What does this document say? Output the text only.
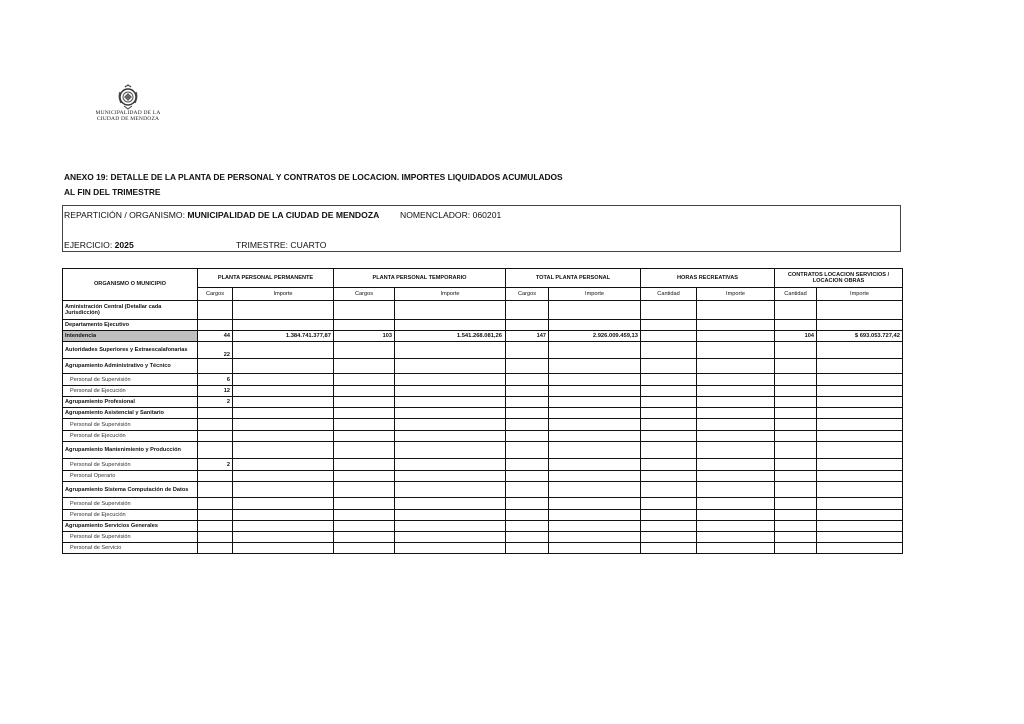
MUNICIPALIDAD DE LA
CIUDAD DE MENDOZA
ANEXO 19: DETALLE DE LA PLANTA DE PERSONAL Y CONTRATOS DE LOCACION. IMPORTES LIQUIDADOS ACUMULADOS
AL FIN DEL TRIMESTRE
REPARTICIÓN / ORGANISMO: MUNICIPALIDAD DE LA CIUDAD DE MENDOZA NOMENCLADOR: 060201
EJERCICIO: 2025	TRIMESTRE: CUARTO
ORGANISMO O MUNICIPIO	PLANTA PERSONAL PERMANENTE		PLANTA PERSONAL TEMPORARIO		TOTAL PLANTA PERSONAL		HORAS RECREATIVAS		CONTRATOS LOCACION SERVICIOS / LOCACION OBRAS	
	Cargos	Importe	Cargos	Importe	Cargos	Importe	Cantidad	Importe	Cantidad	Importe
Aministración Central (Detallar cada Jurisdicción)										
Departamento Ejecutivo										
Intendencia	44	1.384.741.377,87	103	1.541.268.081,26	147	2.926.009.459,13			104	$ 693.053.727,42
Autoridades Superiores y Extraescalafonarias	22									
Agrupamiento Administrativo y Técnico										
Personal de Supervisión	6									
Personal de Ejecución	12									
Agrupamiento Profesional	2									
Agrupamiento Asistencial y Sanitario										
Personal de Supervisión										
Personal de Ejecución										
Agrupamiento Mantenimiento y Producción										
Personal de Supervisión	2									
Personal Operario										
Agrupamiento Sistema Computación de Datos										
Personal de Supervisión										
Personal de Ejecución										
Agrupamiento Servicios Generales										
Personal de Supervisión										
Personal de Servicio										
